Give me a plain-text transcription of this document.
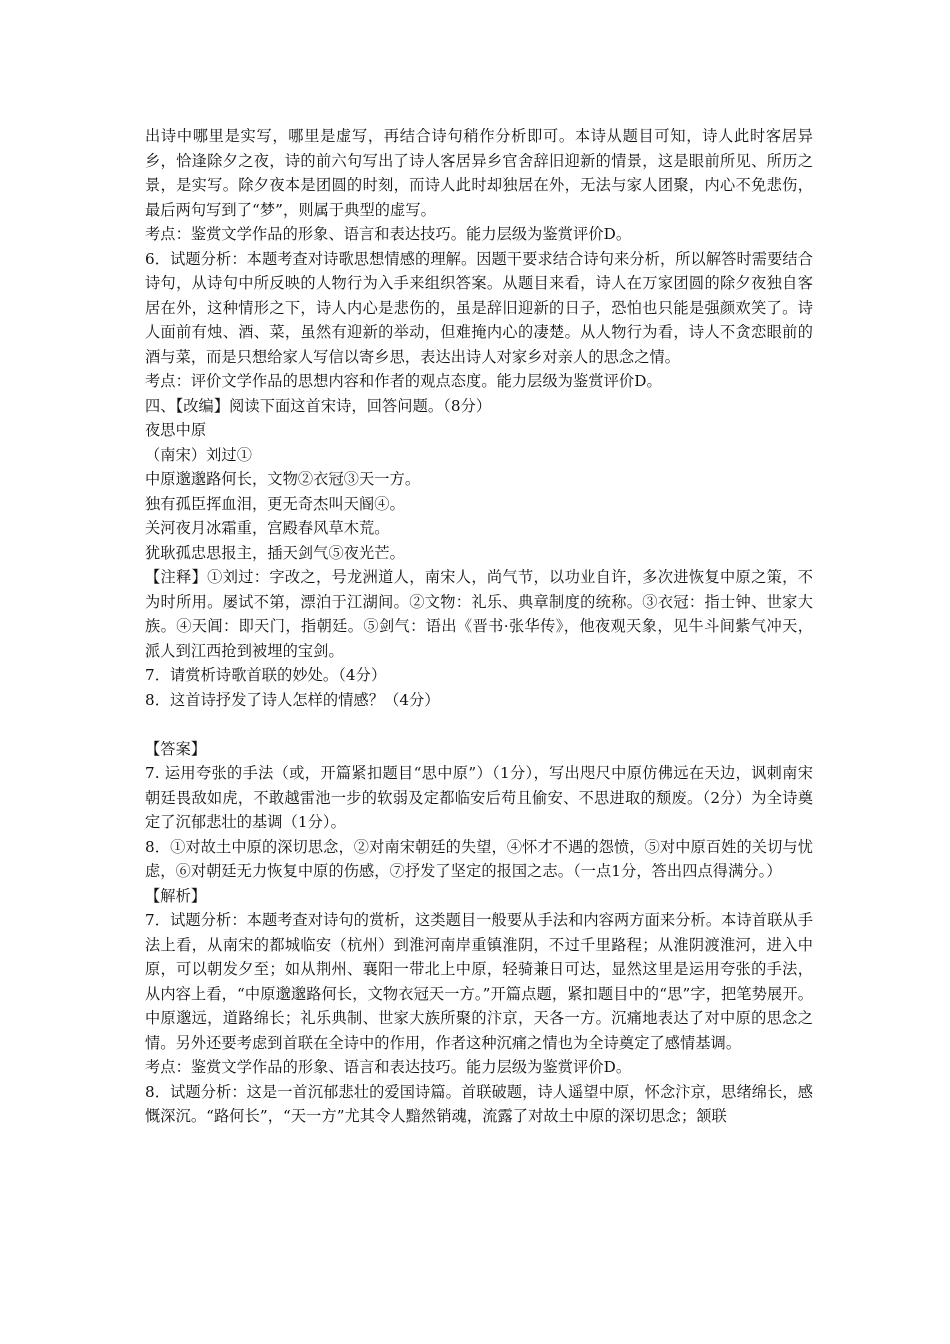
出诗中哪里是实写，哪里是虚写，再结合诗句稍作分析即可。本诗从题目可知，诗人此时客居异乡，恰逢除夕之夜，诗的前六句写出了诗人客居异乡官舍辞旧迎新的情景，这是眼前所见、所历之景，是实写。除夕夜本是团圆的时刻，而诗人此时却独居在外，无法与家人团聚，内心不免悲伤，最后两句写到了“梦”，则属于典型的虚写。

考点：鉴赏文学作品的形象、语言和表达技巧。能力层级为鉴赏评价D。

6．试题分析：本题考查对诗歌思想情感的理解。因题干要求结合诗句来分析，所以解答时需要结合诗句，从诗句中所反映的人物行为入手来组织答案。从题目来看，诗人在万家团圆的除夕夜独自客居在外，这种情形之下，诗人内心是悲伤的，虽是辞旧迎新的日子，恐怕也只能是强颜欢笑了。诗人面前有烛、酒、菜，虽然有迎新的举动，但难掩内心的凄楚。从人物行为看，诗人不贪恋眼前的酒与菜，而是只想给家人写信以寄乡思，表达出诗人对家乡对亲人的思念之情。

考点：评价文学作品的思想内容和作者的观点态度。能力层级为鉴赏评价D。

四、【改编】阅读下面这首宋诗，回答问题。（8分）

夜思中原

（南宋）刘过①

中原邈邈路何长，文物②衣冠③天一方。

独有孤臣挥血泪，更无奇杰叫天阍④。

关河夜月冰霜重，宫殿春风草木荒。

犹耿孤忠思报主，插天剑气⑤夜光芒。

【注释】①刘过：字改之，号龙洲道人，南宋人，尚气节，以功业自许，多次进恢复中原之策，不为时所用。屡试不第，漂泊于江湖间。②文物：礼乐、典章制度的统称。③衣冠：指士钟、世家大族。④天阊：即天门，指朝廷。⑤剑气：语出《晋书·张华传》，他夜观天象，见牛斗间紫气冲天，派人到江西抢到被埋的宝剑。

7．请赏析诗歌首联的妙处。（4分）

8．这首诗抒发了诗人怎样的情感？（4分）

【答案】

7. 运用夸张的手法（或，开篇紧扣题目“思中原”）（1分），写出咫尺中原仿佛远在天边，讽刺南宋朝廷畏敌如虎，不敢越雷池一步的软弱及定都临安后苟且偷安、不思进取的颓废。（2分）为全诗奠定了沉郁悲壮的基调（1分）。

8．①对故土中原的深切思念，②对南宋朝廷的失望，④怀才不遇的怨愤，⑤对中原百姓的关切与忧虑，⑥对朝廷无力恢复中原的伤感，⑦抒发了坚定的报国之志。（一点1分，答出四点得满分。）

【解析】

7．试题分析：本题考查对诗句的赏析，这类题目一般要从手法和内容两方面来分析。本诗首联从手法上看，从南宋的都城临安（杭州）到淮河南岸重镇淮阴，不过千里路程；从淮阴渡淮河，进入中原，可以朝发夕至；如从荆州、襄阳一带北上中原，轻骑兼日可达，显然这里是运用夸张的手法，从内容上看，“中原邈邈路何长，文物衣冠天一方。”开篇点题，紧扣题目中的“思”字，把笔势展开。中原邈远，道路绵长；礼乐典制、世家大族所聚的汴京，天各一方。沉痛地表达了对中原的思念之情。另外还要考虑到首联在全诗中的作用，作者这种沉痛之情也为全诗奠定了感情基调。

考点：鉴赏文学作品的形象、语言和表达技巧。能力层级为鉴赏评价D。

8．试题分析：这是一首沉郁悲壮的爱国诗篇。首联破题，诗人遥望中原，怀念汴京，思绪绵长，感慨深沉。“路何长”，“天一方”尤其令人黯然销魂，流露了对故土中原的深切思念；颔联
